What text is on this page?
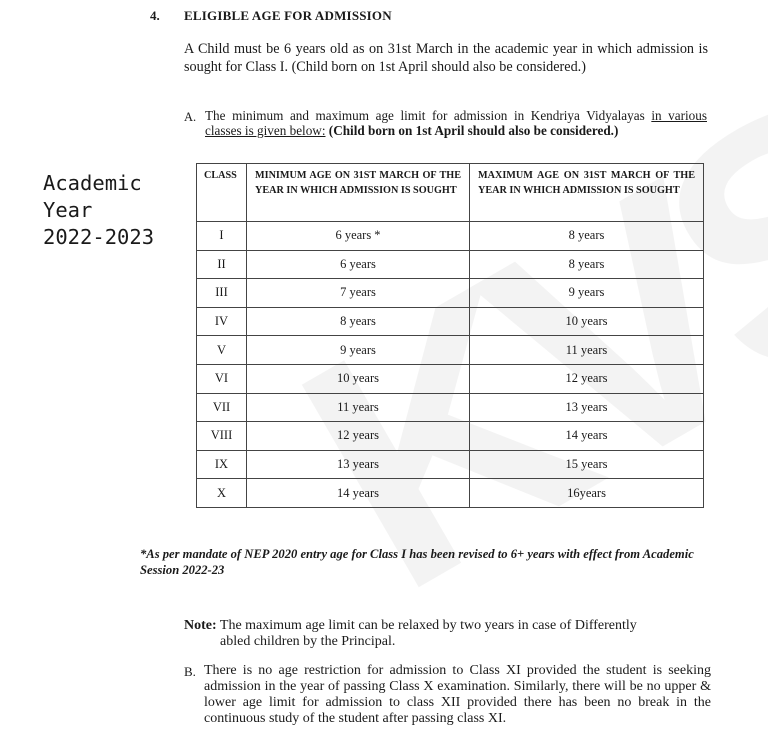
4. ELIGIBLE AGE FOR ADMISSION
A Child must be 6 years old as on 31st March in the academic year in which admission is sought for Class I. (Child born on 1st April should also be considered.)
A. The minimum and maximum age limit for admission in Kendriya Vidyalayas in various classes is given below: (Child born on 1st April should also be considered.)
Academic
Year
2022-2023
CLASS	MINIMUM AGE ON 31ST MARCH OF THE YEAR IN WHICH ADMISSION IS SOUGHT	MAXIMUM AGE ON 31ST MARCH OF THE YEAR IN WHICH ADMISSION IS SOUGHT
I	6 years *	8 years
II	6 years	8 years
III	7 years	9 years
IV	8 years	10 years
V	9 years	11 years
VI	10 years	12 years
VII	11 years	13 years
VIII	12 years	14 years
IX	13 years	15 years
X	14 years	16years
*As per mandate of NEP 2020 entry age for Class I has been revised to 6+ years with effect from Academic Session 2022-23
Note: The maximum age limit can be relaxed by two years in case of Differently
abled children by the Principal.
B. There is no age restriction for admission to Class XI provided the student is seeking admission in the year of passing Class X examination. Similarly, there will be no upper & lower age limit for admission to class XII provided there has been no break in the continuous study of the student after passing class XI.
